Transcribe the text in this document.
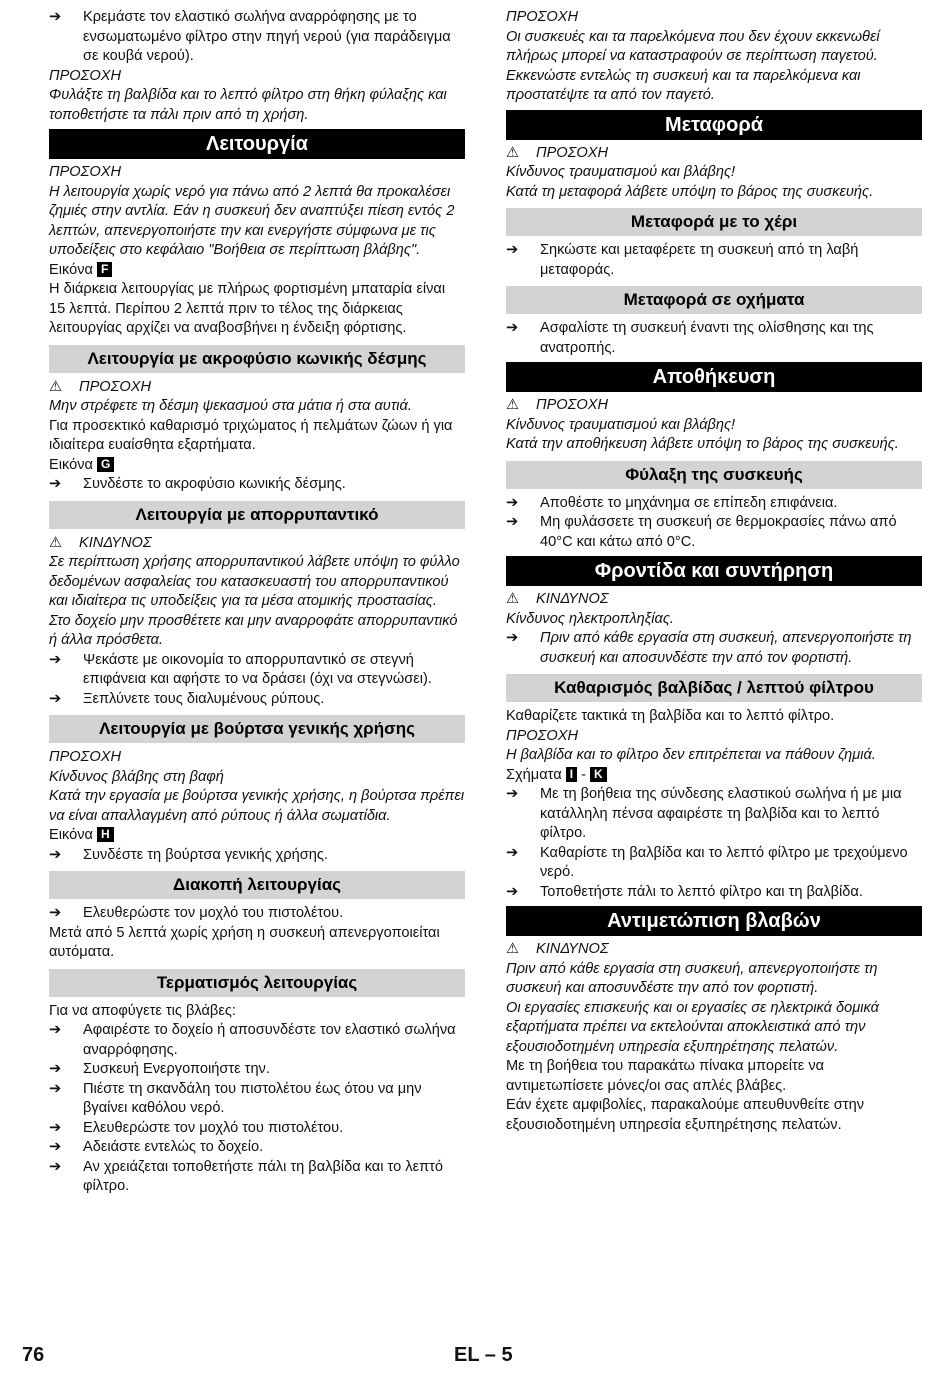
➔ Κρεμάστε τον ελαστικό σωλήνα αναρρόφησης με το ενσωματωμένο φίλτρο στην πηγή νερού (για παράδειγμα σε κουβά νερού).

ΠΡΟΣΟΧΗ

Φυλάξτε τη βαλβίδα και το λεπτό φίλτρο στη θήκη φύλαξης και τοποθετήστε τα πάλι πριν από τη χρήση.

Λειτουργία

ΠΡΟΣΟΧΗ

Η λειτουργία χωρίς νερό για πάνω από 2 λεπτά θα προκαλέσει ζημιές στην αντλία. Εάν η συσκευή δεν αναπτύξει πίεση εντός 2 λεπτών, απενεργοποιήστε την και ενεργήστε σύμφωνα με τις υποδείξεις στο κεφάλαιο "Βοήθεια σε περίπτωση βλάβης".

Εικόνα F

Η διάρκεια λειτουργίας με πλήρως φορτισμένη μπαταρία είναι 15 λεπτά. Περίπου 2 λεπτά πριν το τέλος της διάρκειας λειτουργίας αρχίζει να αναβοσβήνει η ένδειξη φόρτισης.

Λειτουργία με ακροφύσιο κωνικής δέσμης

⚠ ΠΡΟΣΟΧΗ

Μην στρέφετε τη δέσμη ψεκασμού στα μάτια ή στα αυτιά.

Για προσεκτικό καθαρισμό τριχώματος ή πελμάτων ζώων ή για ιδιαίτερα ευαίσθητα εξαρτήματα.

Εικόνα G

➔ Συνδέστε το ακροφύσιο κωνικής δέσμης.
Λειτουργία με απορρυπαντικό

⚠ ΚΙΝΔΥΝΟΣ

Σε περίπτωση χρήσης απορρυπαντικού λάβετε υπόψη το φύλλο δεδομένων ασφαλείας του κατασκευαστή του απορρυπαντικού και ιδιαίτερα τις υποδείξεις για τα μέσα ατομικής προστασίας.

Στο δοχείο μην προσθέτετε και μην αναρροφάτε απορρυπαντικό ή άλλα πρόσθετα.

➔ Ψεκάστε με οικονομία το απορρυπαντικό σε στεγνή επιφάνεια και αφήστε το να δράσει (όχι να στεγνώσει).
➔ Ξεπλύνετε τους διαλυμένους ρύπους.
Λειτουργία με βούρτσα γενικής χρήσης

ΠΡΟΣΟΧΗ

Κίνδυνος βλάβης στη βαφή

Κατά την εργασία με βούρτσα γενικής χρήσης, η βούρτσα πρέπει να είναι απαλλαγμένη από ρύπους ή άλλα σωματίδια.

Εικόνα H

➔ Συνδέστε τη βούρτσα γενικής χρήσης.
Διακοπή λειτουργίας
➔ Ελευθερώστε τον μοχλό του πιστολέτου.

Μετά από 5 λεπτά χωρίς χρήση η συσκευή απενεργοποιείται αυτόματα.

Τερματισμός λειτουργίας

Για να αποφύγετε τις βλάβες:

➔ Αφαιρέστε το δοχείο ή αποσυνδέστε τον ελαστικό σωλήνα αναρρόφησης.
➔ Συσκευή Ενεργοποιήστε την.
➔ Πιέστε τη σκανδάλη του πιστολέτου έως ότου να μην βγαίνει καθόλου νερό.
➔ Ελευθερώστε τον μοχλό του πιστολέτου.
➔ Αδειάστε εντελώς το δοχείο.
➔ Αν χρειάζεται τοποθετήστε πάλι τη βαλβίδα και το λεπτό φίλτρο.

ΠΡΟΣΟΧΗ

Οι συσκευές και τα παρελκόμενα που δεν έχουν εκκενωθεί πλήρως μπορεί να καταστραφούν σε περίπτωση παγετού. Εκκενώστε εντελώς τη συσκευή και τα παρελκόμενα και προστατέψτε τα από τον παγετό.

Μεταφορά

⚠ ΠΡΟΣΟΧΗ

Κίνδυνος τραυματισμού και βλάβης!

Κατά τη μεταφορά λάβετε υπόψη το βάρος της συσκευής.

Μεταφορά με το χέρι
➔ Σηκώστε και μεταφέρετε τη συσκευή από τη λαβή μεταφοράς.
Μεταφορά σε οχήματα
➔ Ασφαλίστε τη συσκευή έναντι της ολίσθησης και της ανατροπής.
Αποθήκευση

⚠ ΠΡΟΣΟΧΗ

Κίνδυνος τραυματισμού και βλάβης!

Κατά την αποθήκευση λάβετε υπόψη το βάρος της συσκευής.

Φύλαξη της συσκευής
➔ Αποθέστε το μηχάνημα σε επίπεδη επιφάνεια.
➔ Μη φυλάσσετε τη συσκευή σε θερμοκρασίες πάνω από 40°C και κάτω από 0°C.
Φροντίδα και συντήρηση

⚠ ΚΙΝΔΥΝΟΣ

Κίνδυνος ηλεκτροπληξίας.

➔ Πριν από κάθε εργασία στη συσκευή, απενεργοποιήστε τη συσκευή και αποσυνδέστε την από τον φορτιστή.
Καθαρισμός βαλβίδας / λεπτού φίλτρου

Καθαρίζετε τακτικά τη βαλβίδα και το λεπτό φίλτρο.

ΠΡΟΣΟΧΗ

Η βαλβίδα και το φίλτρο δεν επιτρέπεται να πάθουν ζημιά.

Σχήματα I - K

➔ Με τη βοήθεια της σύνδεσης ελαστικού σωλήνα ή με μια κατάλληλη πένσα αφαιρέστε τη βαλβίδα και το λεπτό φίλτρο.
➔ Καθαρίστε τη βαλβίδα και το λεπτό φίλτρο με τρεχούμενο νερό.
➔ Τοποθετήστε πάλι το λεπτό φίλτρο και τη βαλβίδα.
Αντιμετώπιση βλαβών

⚠ ΚΙΝΔΥΝΟΣ

Πριν από κάθε εργασία στη συσκευή, απενεργοποιήστε τη συσκευή και αποσυνδέστε την από τον φορτιστή.

Οι εργασίες επισκευής και οι εργασίες σε ηλεκτρικά δομικά εξαρτήματα πρέπει να εκτελούνται αποκλειστικά από την εξουσιοδοτημένη υπηρεσία εξυπηρέτησης πελατών.

Με τη βοήθεια του παρακάτω πίνακα μπορείτε να αντιμετωπίσετε μόνες/οι σας απλές βλάβες.

Εάν έχετε αμφιβολίες, παρακαλούμε απευθυνθείτε στην εξουσιοδοτημένη υπηρεσία εξυπηρέτησης πελατών.

76	EL – 5
